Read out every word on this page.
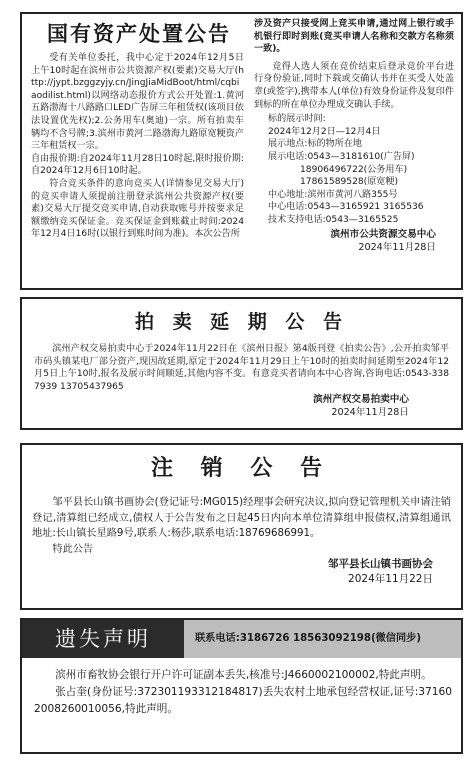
国有资产处置公告

受有关单位委托，我中心定于2024年12月5日上午10时起在滨州市公共资源产权(要素)交易大厅(http://jypt.bzggzyjy.cn/JingJiaMidBoot/html/cqbiaodilist.html)以网络动态报价方式公开处置:1.黄河五路渤海十八路路口LED广告屏三年租赁权(该项目依法设置优先权);2.公务用车(奥迪)一宗。所有拍卖车辆均不含号牌;3.滨州市黄河二路渤海九路原宽粳资产三年租赁权一宗。

自由报价期:自2024年11月28日10时起,限时报价期:自2024年12月6日10时起。

符合竞买条件的意向竞买人(详情参见交易大厅)的竞买申请人须提前注册登录滨州公共资源产权(要素)交易大厅提交竞买申请,自动获取账号并按要求足额缴纳竞买保证金。竞买保证金到账截止时间:2024年12月4日16时(以银行到账时间为准)。本次公告所

涉及资产只接受网上竞买申请,通过网上银行或手机银行即时到账(竞买申请人名称和交款方名称须一致)。

竞得人选人须在竞价结束后登录竞价平台进行身份验证,同时下载或交确认书并在买受人处盖章(或签字),携带本人(单位)有效身份证件及复印件到标的所在单位办理成交确认手续。

标的展示时间:
2024年12月2日—12月4日
展示地点:标的物所在地
展示电话:0543—3181610(广告屏)
18906496722(公务用车)
17861589528(原宽粳)
中心地址:滨州市黄河八路355号
中心电话:0543—3165921 3165536
技术支持电话:0543—3165525
滨州市公共资源交易中心
2024年11月28日
拍 卖 延 期 公 告

滨州产权交易拍卖中心于2024年11月22日在《滨州日报》第4版刊登《拍卖公告》,公开拍卖邹平市码头镇某电厂部分资产,现因故延期,原定于2024年11月29日上午10时的拍卖时间延期至2024年12月5日上午10时,报名及展示时间顺延,其他内容不变。有意竞买者请向本中心咨询,咨询电话:0543-3387939 13705437965

滨州产权交易拍卖中心
2024年11月28日
注 销 公 告

邹平县长山镇书画协会(登记证号:MG015)经理事会研究决议,拟向登记管理机关申请注销登记,清算组已经成立,债权人于公告发布之日起45日内向本单位清算组申报债权,清算组通讯地址:长山镇长星路9号,联系人:杨莎,联系电话:18769686991。

特此公告

邹平县长山镇书画协会
2024年11月22日
遗失声明	联系电话:3186726 18563092198(微信同步)

滨州市畜牧协会银行开户许可证副本丢失,核准号:J4660002100002,特此声明。

张占奎(身份证号:372301193312184817)丢失农村土地承包经营权证,证号:371602008260010056,特此声明。
